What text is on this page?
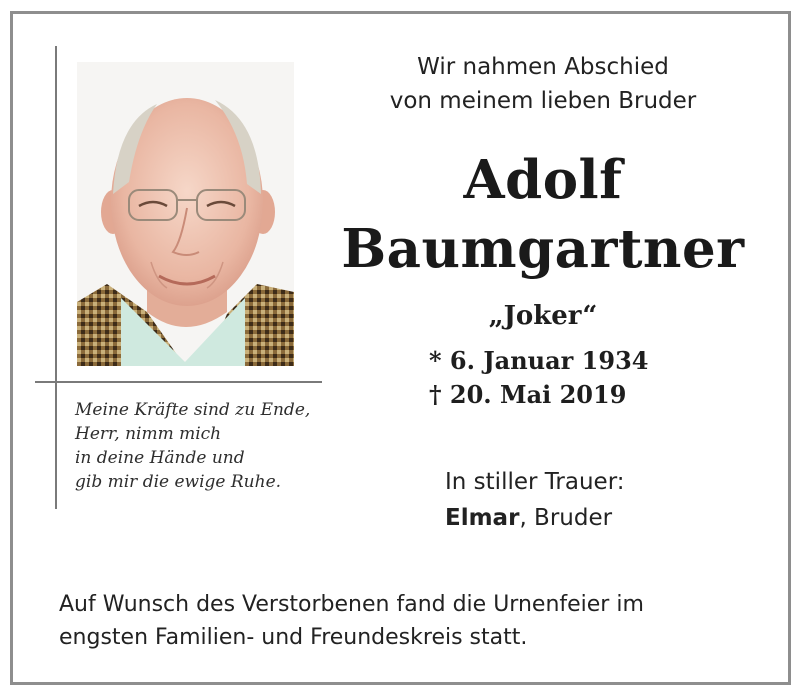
Meine Kräfte sind zu Ende,
Herr, nimm mich
in deine Hände und
gib mir die ewige Ruhe.
Wir nahmen Abschied
von meinem lieben Bruder
Adolf
Baumgartner
„Joker“
* 6. Januar 1934
† 20. Mai 2019
In stiller Trauer:
Elmar, Bruder
Auf Wunsch des Verstorbenen fand die Urnenfeier im
engsten Familien- und Freundeskreis statt.
